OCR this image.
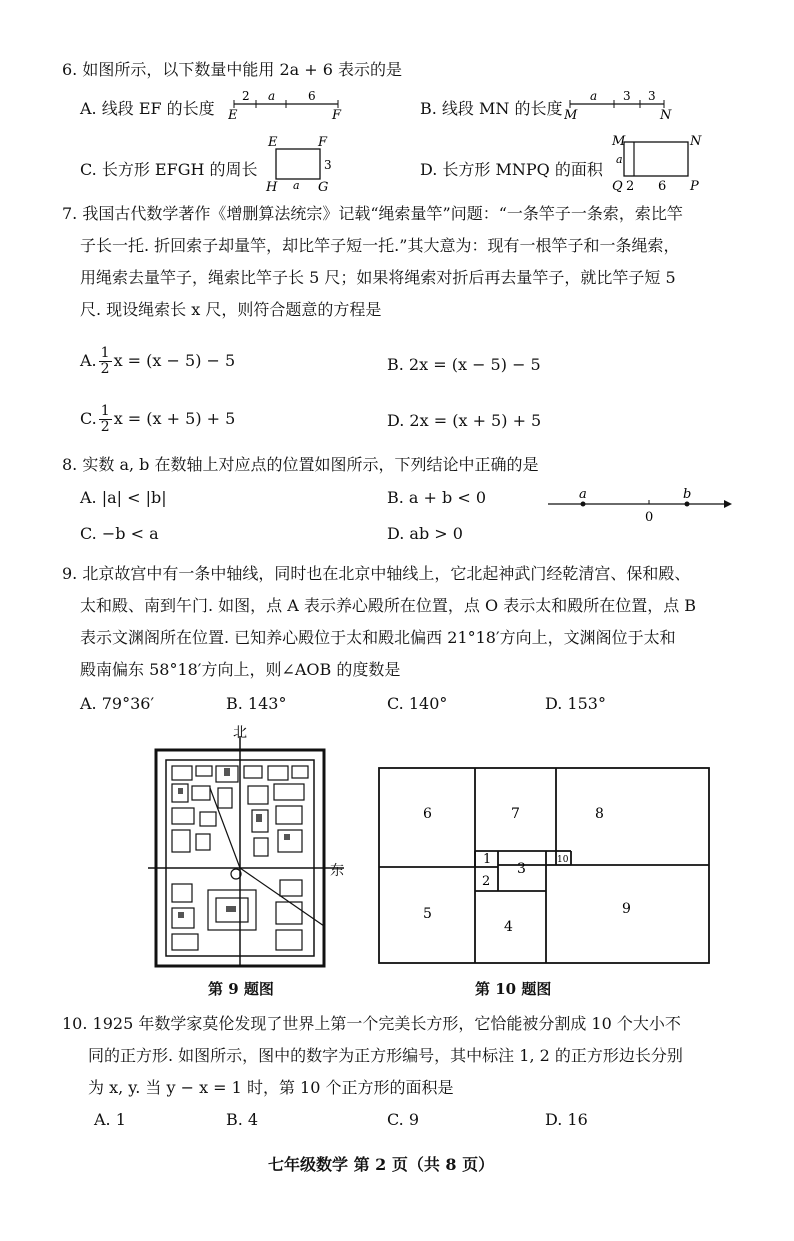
6. 如图所示，以下数量中能用 2a + 6 表示的是
A. 线段 EF 的长度
2 a	6
E	F	B. 线段 MN 的长度
a 3 3
M	N
C. 长方形 EFGH 的周长
E	F
H	G
3
a
D. 长方形 MNPQ 的面积
M	N
Q	P
a
2 6
7. 我国古代数学著作《增删算法统宗》记载“绳索量竿”问题：“一条竿子一条索，索比竿
子长一托. 折回索子却量竿，却比竿子短一托.”其大意为：现有一根竿子和一条绳索，
用绳索去量竿子，绳索比竿子长 5 尺；如果将绳索对折后再去量竿子，就比竿子短 5
尺. 现设绳索长 x 尺，则符合题意的方程是
A. $\frac{1}{2}$ x = (x − 5) − 5	B. 2x = (x − 5) − 5
C. $\frac{1}{2}$ x = (x + 5) + 5	D. 2x = (x + 5) + 5
8. 实数 a, b 在数轴上对应点的位置如图所示，下列结论中正确的是
A. |a| < |b|	B. a + b < 0
C. −b < a	D. ab > 0
a
0
b
9. 北京故宫中有一条中轴线，同时也在北京中轴线上，它北起神武门经乾清宫、保和殿、
太和殿、南到午门. 如图，点 A 表示养心殿所在位置，点 O 表示太和殿所在位置，点 B
表示文渊阁所在位置. 已知养心殿位于太和殿北偏西 21°18′方向上，文渊阁位于太和
殿南偏东 58°18′方向上，则∠AOB 的度数是
A. 79°36′	B. 143°	C. 140°	D. 153°
北
东
第 9 题图
6	7	8
1
3
2
10
5
4
9
第 10 题图
10. 1925 年数学家莫伦发现了世界上第一个完美长方形，它恰能被分割成 10 个大小不
同的正方形. 如图所示，图中的数字为正方形编号，其中标注 1, 2 的正方形边长分别
为 x, y. 当 y − x = 1 时，第 10 个正方形的面积是
A. 1	B. 4	C. 9	D. 16
七年级数学 第 2 页（共 8 页）
